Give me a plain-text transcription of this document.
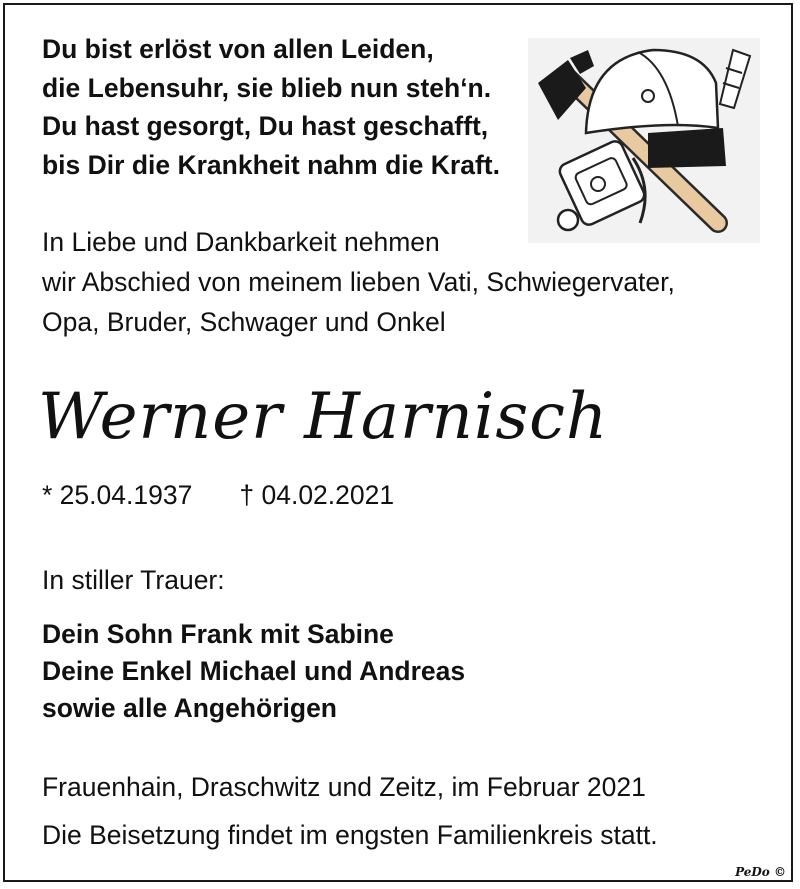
Du bist erlöst von allen Leiden,
die Lebensuhr, sie blieb nun steh‘n.
Du hast gesorgt, Du hast geschafft,
bis Dir die Krankheit nahm die Kraft.
In Liebe und Dankbarkeit nehmen
wir Abschied von meinem lieben Vati, Schwiegervater,
Opa, Bruder, Schwager und Onkel
Werner Harnisch
* 25.04.1937 † 04.02.2021
In stiller Trauer:
Dein Sohn Frank mit Sabine
Deine Enkel Michael und Andreas
sowie alle Angehörigen
Frauenhain, Draschwitz und Zeitz, im Februar 2021
Die Beisetzung findet im engsten Familienkreis statt.
PeDo ©
